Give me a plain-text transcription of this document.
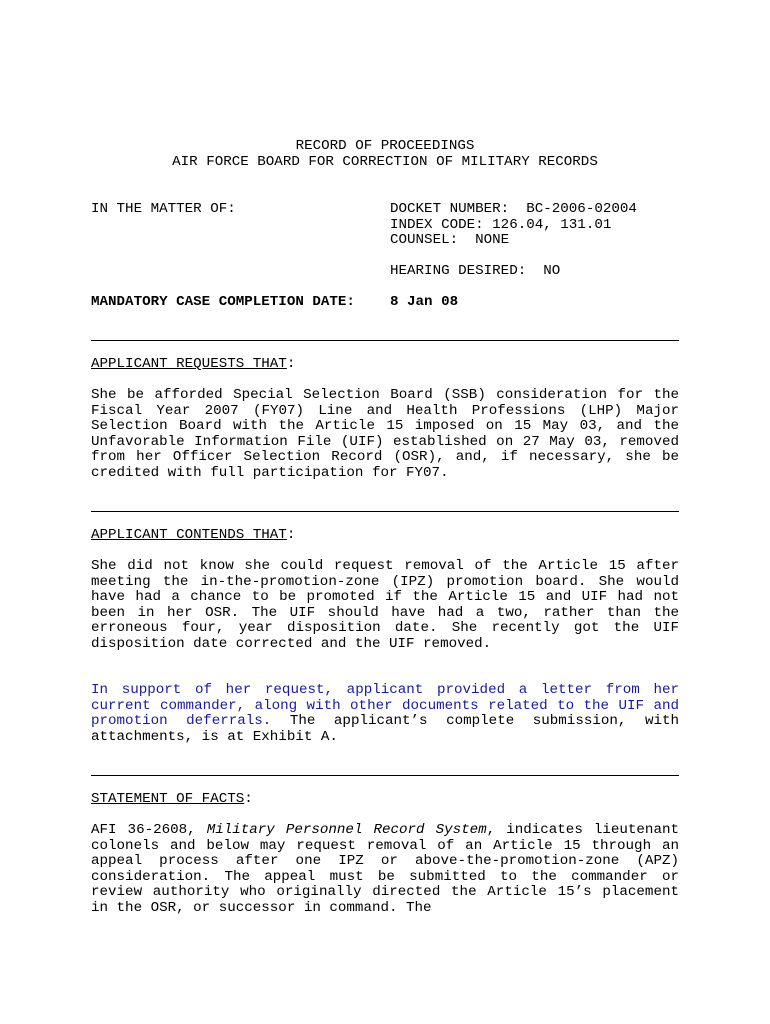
RECORD OF PROCEEDINGS
AIR FORCE BOARD FOR CORRECTION OF MILITARY RECORDS
IN THE MATTER OF:	DOCKET NUMBER:  BC-2006-02004
INDEX CODE: 126.04, 131.01
COUNSEL:  NONE
HEARING DESIRED:  NO
MANDATORY CASE COMPLETION DATE: 8 Jan 08
APPLICANT REQUESTS THAT:
She be afforded Special Selection Board (SSB) consideration for the Fiscal Year 2007 (FY07) Line and Health Professions (LHP) Major Selection Board with the Article 15 imposed on 15 May 03, and the Unfavorable Information File (UIF) established on 27 May 03, removed from her Officer Selection Record (OSR), and, if necessary, she be credited with full participation for FY07.
APPLICANT CONTENDS THAT:
She did not know she could request removal of the Article 15 after meeting the in-the-promotion-zone (IPZ) promotion board. She would have had a chance to be promoted if the Article 15 and UIF had not been in her OSR. The UIF should have had a two, rather than the erroneous four, year disposition date. She recently got the UIF disposition date corrected and the UIF removed.
In support of her request, applicant provided a letter from her current commander, along with other documents related to the UIF and promotion deferrals. The applicant’s complete submission, with attachments, is at Exhibit A.
STATEMENT OF FACTS:
AFI 36-2608, Military Personnel Record System, indicates lieutenant colonels and below may request removal of an Article 15 through an appeal process after one IPZ or above-the-promotion-zone (APZ) consideration. The appeal must be submitted to the commander or review authority who originally directed the Article 15’s placement in the OSR, or successor in command. The
